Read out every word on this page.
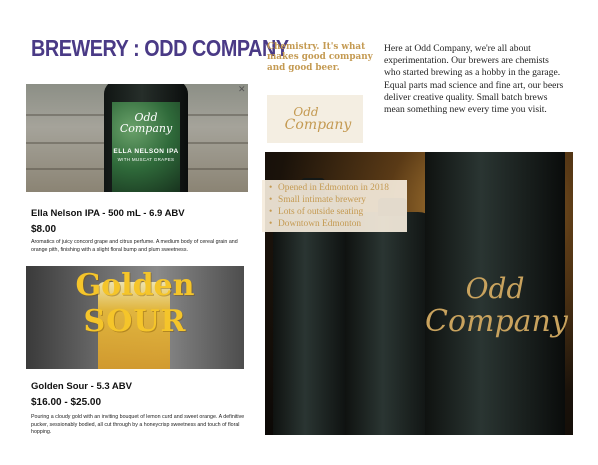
BREWERY : ODD COMPANY
Odd
Company
ELLA NELSON IPA
WITH MUSCAT GRAPES
✕
Ella Nelson IPA - 500 mL - 6.9 ABV
$8.00
Aromatics of juicy concord grape and citrus perfume. A medium body of cereal grain and orange pith, finishing with a slight floral bump and plum sweetness.
Golden
SOUR
Golden Sour - 5.3 ABV
$16.00 - $25.00
Pouring a cloudy gold with an inviting bouquet of lemon curd and sweet orange. A definitive pucker, sessionably bodied, all cut through by a honeycrisp sweetness and touch of floral hopping.
Chemistry. It's what makes good company and good beer.
Odd
Company
Here at Odd Company, we're all about experimentation. Our brewers are chemists who started brewing as a hobby in the garage. Equal parts mad science and fine art, our beers deliver creative quality. Small batch brews mean something new every time you visit.
Odd
Company
• Opened in Edmonton in 2018
• Small intimate brewery
• Lots of outside seating
• Downtown Edmonton
